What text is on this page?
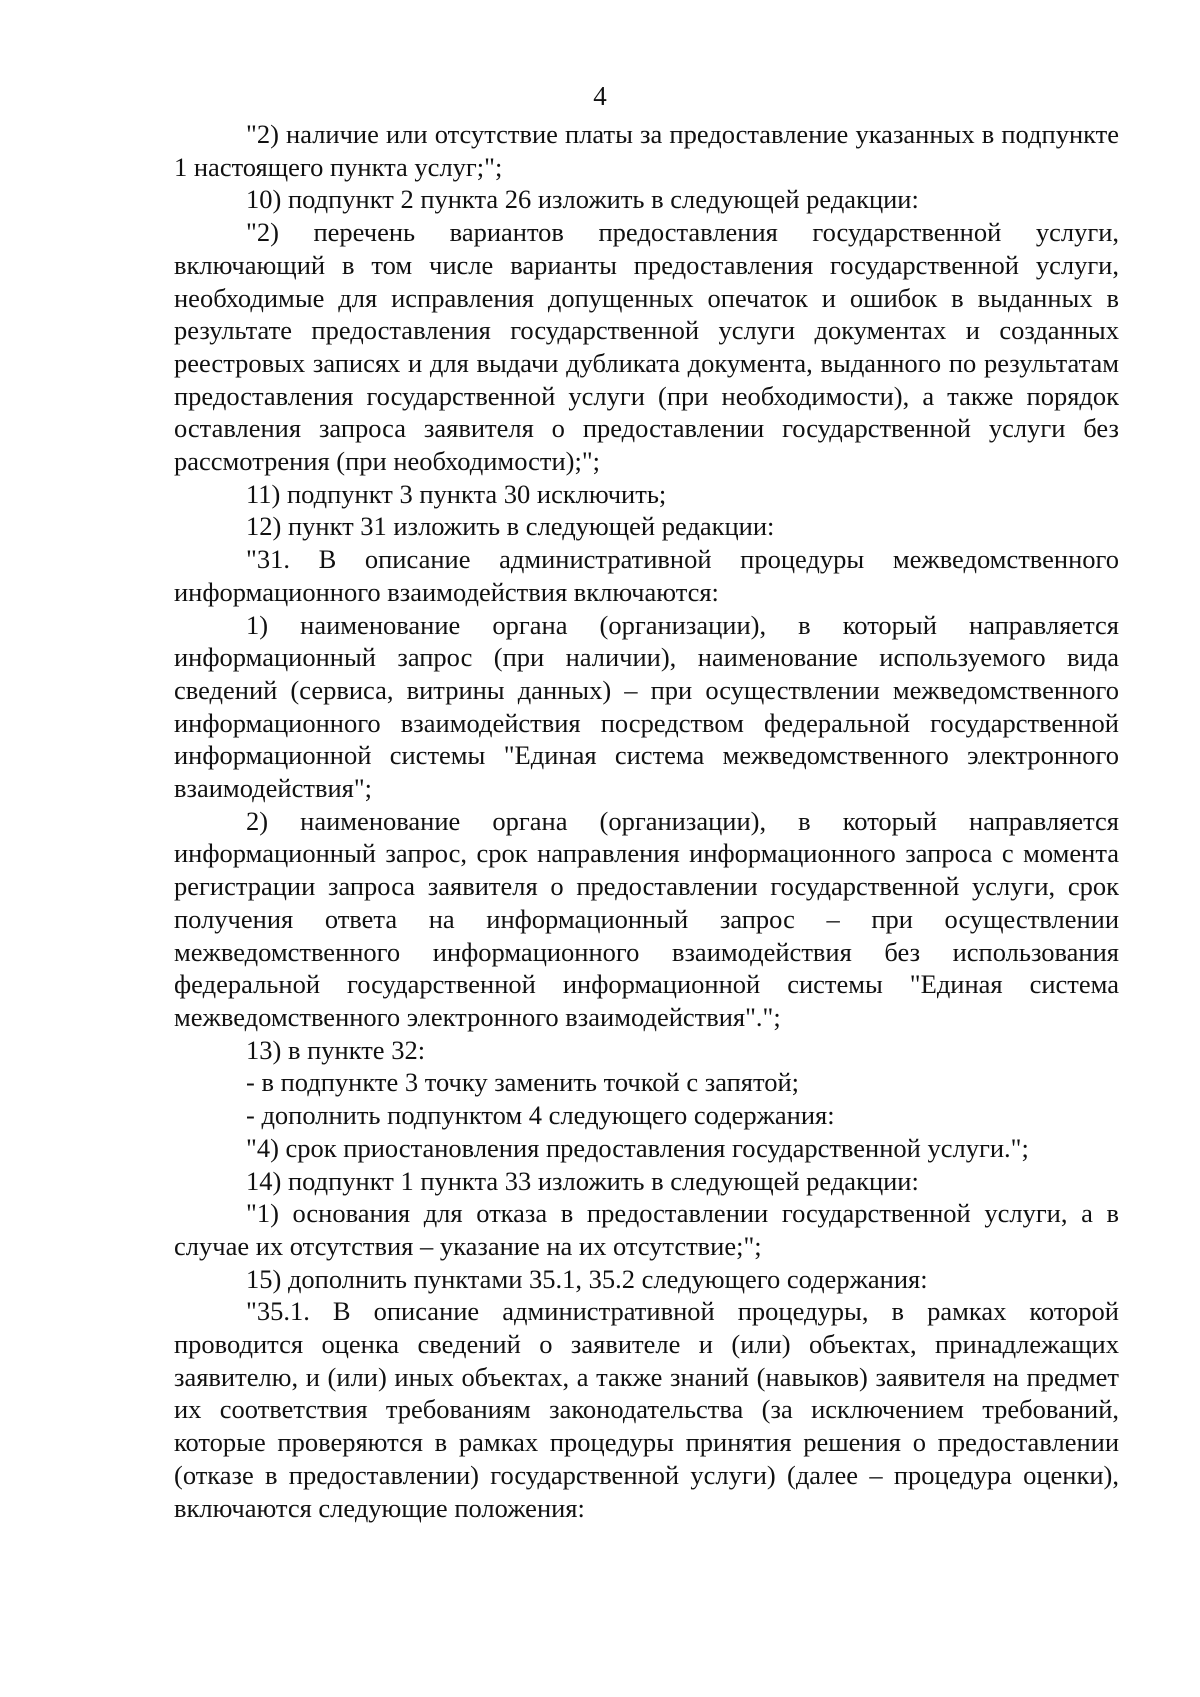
4

"2) наличие или отсутствие платы за предоставление указанных в подпункте 1 настоящего пункта услуг;";

10) подпункт 2 пункта 26 изложить в следующей редакции:

"2) перечень вариантов предоставления государственной услуги, включающий в том числе варианты предоставления государственной услуги, необходимые для исправления допущенных опечаток и ошибок в выданных в результате предоставления государственной услуги документах и созданных реестровых записях и для выдачи дубликата документа, выданного по результатам предоставления государственной услуги (при необходимости), а также порядок оставления запроса заявителя о предоставлении государственной услуги без рассмотрения (при необходимости);";

11) подпункт 3 пункта 30 исключить;

12) пункт 31 изложить в следующей редакции:

"31. В описание административной процедуры межведомственного информационного взаимодействия включаются:

1) наименование органа (организации), в который направляется информационный запрос (при наличии), наименование используемого вида сведений (сервиса, витрины данных) – при осуществлении межведомственного информационного взаимодействия посредством федеральной государственной информационной системы "Единая система межведомственного электронного взаимодействия";

2) наименование органа (организации), в который направляется информационный запрос, срок направления информационного запроса с момента регистрации запроса заявителя о предоставлении государственной услуги, срок получения ответа на информационный запрос – при осуществлении межведомственного информационного взаимодействия без использования федеральной государственной информационной системы "Единая система межведомственного электронного взаимодействия".";

13) в пункте 32:

- в подпункте 3 точку заменить точкой с запятой;

- дополнить подпунктом 4 следующего содержания:

"4) срок приостановления предоставления государственной услуги.";

14) подпункт 1 пункта 33 изложить в следующей редакции:

"1) основания для отказа в предоставлении государственной услуги, а в случае их отсутствия – указание на их отсутствие;";

15) дополнить пунктами 35.1, 35.2 следующего содержания:

"35.1. В описание административной процедуры, в рамках которой проводится оценка сведений о заявителе и (или) объектах, принадлежащих заявителю, и (или) иных объектах, а также знаний (навыков) заявителя на предмет их соответствия требованиям законодательства (за исключением требований, которые проверяются в рамках процедуры принятия решения о предоставлении (отказе в предоставлении) государственной услуги) (далее – процедура оценки), включаются следующие положения:
